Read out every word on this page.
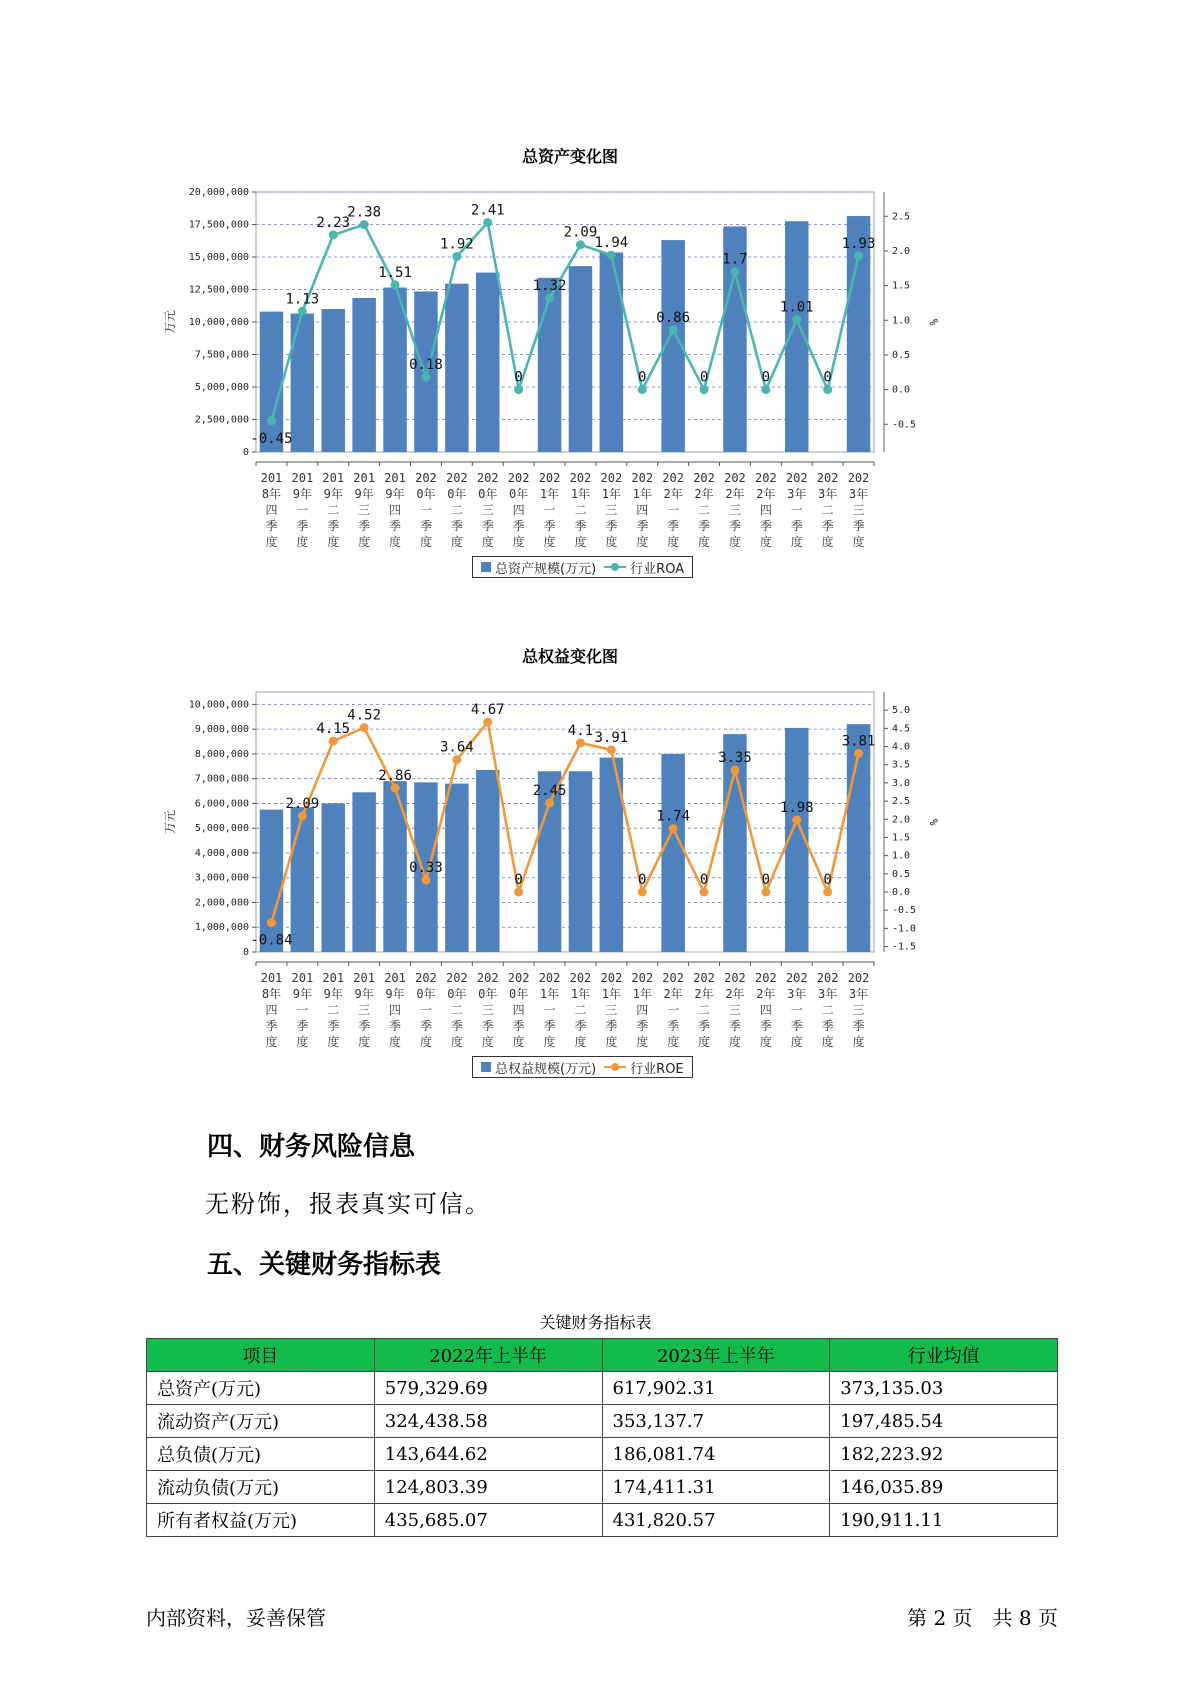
总资产变化图
0
2,500,000
5,000,000
7,500,000
10,000,000
12,500,000
15,000,000
17,500,000
20,000,000
-0.5
0.0
0.5
1.0
1.5
2.0
2.5
万元	%
-0.45
1.13
2.23
2.38
1.51
0.18
1.92
2.41
0
1.32
2.09
1.94
0
0.86
0
1.7
0
1.01
0
1.93
201
8年
四
季
度
201
9年
一
季
度
201
9年
二
季
度
201
9年
三
季
度
201
9年
四
季
度
202
0年
一
季
度
202
0年
二
季
度
202
0年
三
季
度
202
0年
四
季
度
202
1年
一
季
度
202
1年
二
季
度
202
1年
三
季
度
202
1年
四
季
度
202
2年
一
季
度
202
2年
二
季
度
202
2年
三
季
度
202
2年
四
季
度
202
3年
一
季
度
202
3年
二
季
度
202
3年
三
季
度
总资产规模(万元)	行业ROA
总权益变化图
0
1,000,000
2,000,000
3,000,000
4,000,000
5,000,000
6,000,000
7,000,000
8,000,000
9,000,000
10,000,000
-1.5
-1.0
-0.5
0.0
0.5
1.0
1.5
2.0
2.5
3.0
3.5
4.0
4.5
5.0
万元	%
-0.84
2.09
4.15
4.52
2.86
0.33
3.64
4.67
0
2.45
4.1 3.91
0
1.74
0
3.35
0
1.98
0
3.81
201
8年
四
季
度
201
9年
一
季
度
201
9年
二
季
度
201
9年
三
季
度
201
9年
四
季
度
202
0年
一
季
度
202
0年
二
季
度
202
0年
三
季
度
202
0年
四
季
度
202
1年
一
季
度
202
1年
二
季
度
202
1年
三
季
度
202
1年
四
季
度
202
2年
一
季
度
202
2年
二
季
度
202
2年
三
季
度
202
2年
四
季
度
202
3年
一
季
度
202
3年
二
季
度
202
3年
三
季
度
总权益规模(万元)	行业ROE
四、财务风险信息
无粉饰，报表真实可信。
五、关键财务指标表
关键财务指标表
项目	2022年上半年	2023年上半年	行业均值
总资产(万元)	579,329.69	617,902.31	373,135.03
流动资产(万元)	324,438.58	353,137.7	197,485.54
总负债(万元)	143,644.62	186,081.74	182,223.92
流动负债(万元)	124,803.39	174,411.31	146,035.89
所有者权益(万元)	435,685.07	431,820.57	190,911.11
内部资料，妥善保管	第 2 页　共 8 页
